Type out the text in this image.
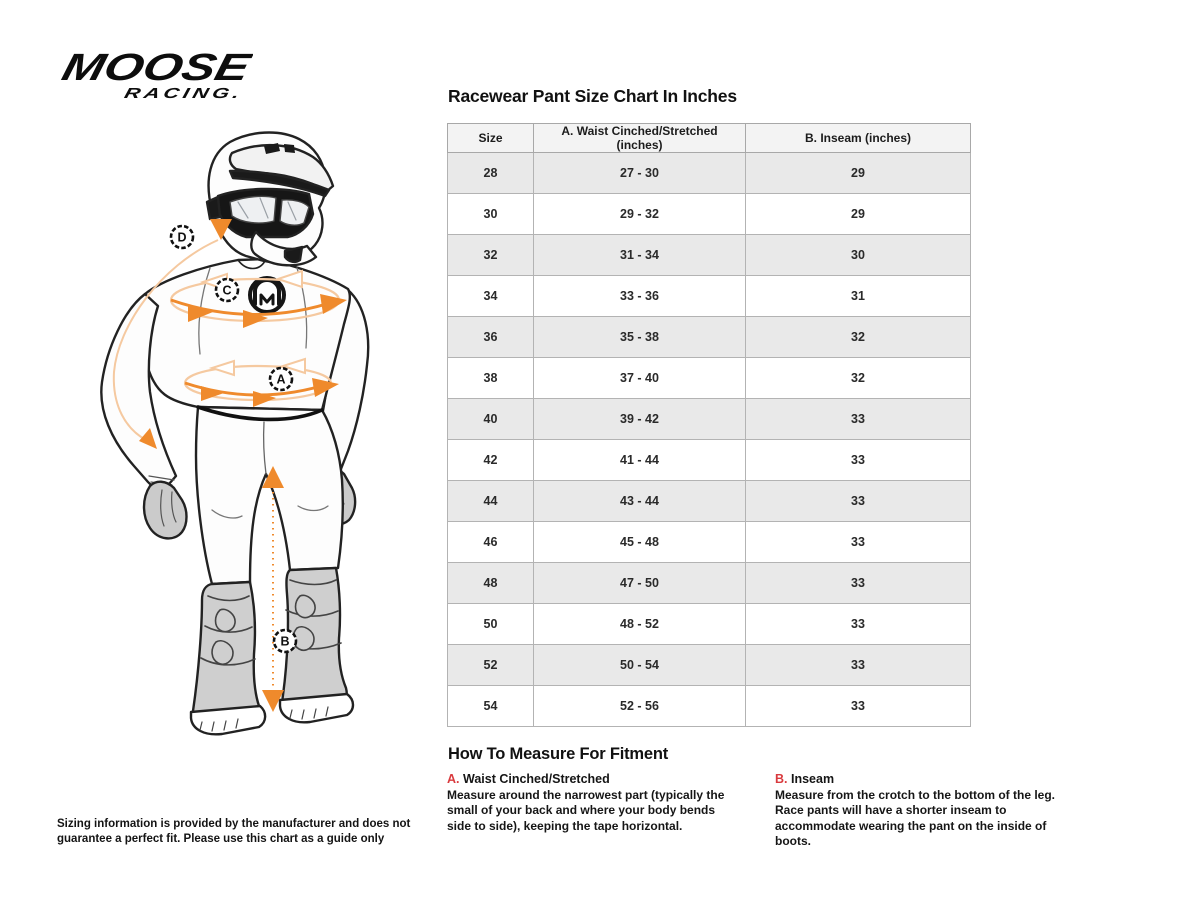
MOOSE
RACING.
C
A
D
B
Racewear Pant Size Chart In Inches
Size	A. Waist Cinched/Stretched (inches)	B. Inseam (inches)
28	27 - 30	29
30	29 - 32	29
32	31 - 34	30
34	33 - 36	31
36	35 - 38	32
38	37 - 40	32
40	39 - 42	33
42	41 - 44	33
44	43 - 44	33
46	45 - 48	33
48	47 - 50	33
50	48 - 52	33
52	50 - 54	33
54	52 - 56	33
How To Measure For Fitment
A. Waist Cinched/Stretched

Measure around the narrowest part (typically the small of your back and where your body bends side to side), keeping the tape horizontal.

B. Inseam

Measure from the crotch to the bottom of the leg. Race pants will have a shorter inseam to accommodate wearing the pant on the inside of boots.

Sizing information is provided by the manufacturer and does not guarantee a perfect fit. Please use this chart as a guide only
